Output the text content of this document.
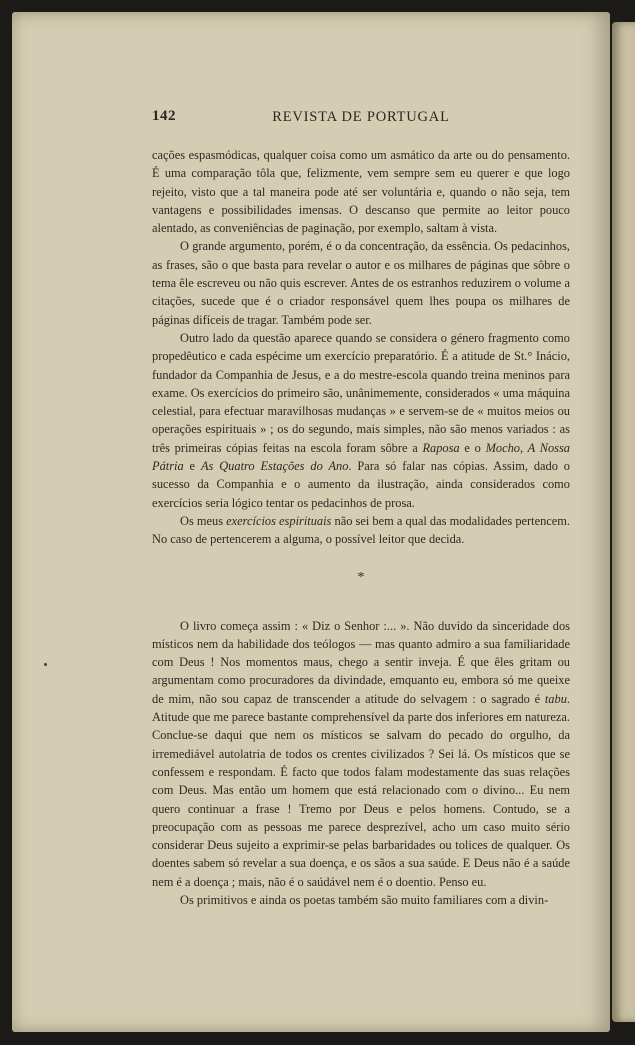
142	REVISTA DE PORTUGAL

cações espasmódicas, qualquer coisa como um asmático da arte ou do pensamento. É uma comparação tôla que, felizmente, vem sempre sem eu querer e que logo rejeito, visto que a tal maneira pode até ser voluntária e, quando o não seja, tem vantagens e possibilidades imensas. O descanso que permite ao leitor pouco alentado, as conveniências de paginação, por exemplo, saltam à vista.

O grande argumento, porém, é o da concentração, da essência. Os pedacinhos, as frases, são o que basta para revelar o autor e os milhares de páginas que sôbre o tema êle escreveu ou não quis escrever. Antes de os estranhos reduzirem o volume a citações, sucede que é o criador responsável quem lhes poupa os milhares de páginas difíceis de tragar. Também pode ser.

Outro lado da questão aparece quando se considera o género fragmento como propedêutico e cada espécime um exercício preparatório. É a atitude de St.° Inácio, fundador da Companhia de Jesus, e a do mestre-escola quando treina meninos para exame. Os exercícios do primeiro são, unânimemente, considerados « uma máquina celestial, para efectuar maravilhosas mudanças » e servem-se de « muitos meios ou operações espirituais » ; os do segundo, mais simples, não são menos variados : as três primeiras cópias feitas na escola foram sôbre a Raposa e o Mocho, A Nossa Pátria e As Quatro Estações do Ano. Para só falar nas cópias. Assim, dado o sucesso da Companhia e o aumento da ilustração, ainda considerados como exercícios seria lógico tentar os pedacinhos de prosa.

Os meus exercícios espirituais não sei bem a qual das modalidades pertencem. No caso de pertencerem a alguma, o possível leitor que decida.

*

O livro começa assim : « Diz o Senhor :... ». Não duvido da sinceridade dos místicos nem da habilidade dos teólogos — mas quanto admiro a sua familiaridade com Deus ! Nos momentos maus, chego a sentir inveja. É que êles gritam ou argumentam como procuradores da divindade, emquanto eu, embora só me queixe de mim, não sou capaz de transcender a atitude do selvagem : o sagrado é tabu. Atitude que me parece bastante comprehensível da parte dos inferiores em natureza. Conclue-se daqui que nem os místicos se salvam do pecado do orgulho, da irremediável autolatria de todos os crentes civilizados ? Sei lá. Os místicos que se confessem e respondam. É facto que todos falam modestamente das suas relações com Deus. Mas então um homem que está relacionado com o divino... Eu nem quero continuar a frase ! Tremo por Deus e pelos homens. Contudo, se a preocupação com as pessoas me parece desprezível, acho um caso muito sério considerar Deus sujeito a exprimir-se pelas barbaridades ou tolices de qualquer. Os doentes sabem só revelar a sua doença, e os sãos a sua saúde. E Deus não é a saúde nem é a doença ; mais, não é o saúdável nem é o doentio. Penso eu.

Os primitivos e ainda os poetas também são muito familiares com a divin-
